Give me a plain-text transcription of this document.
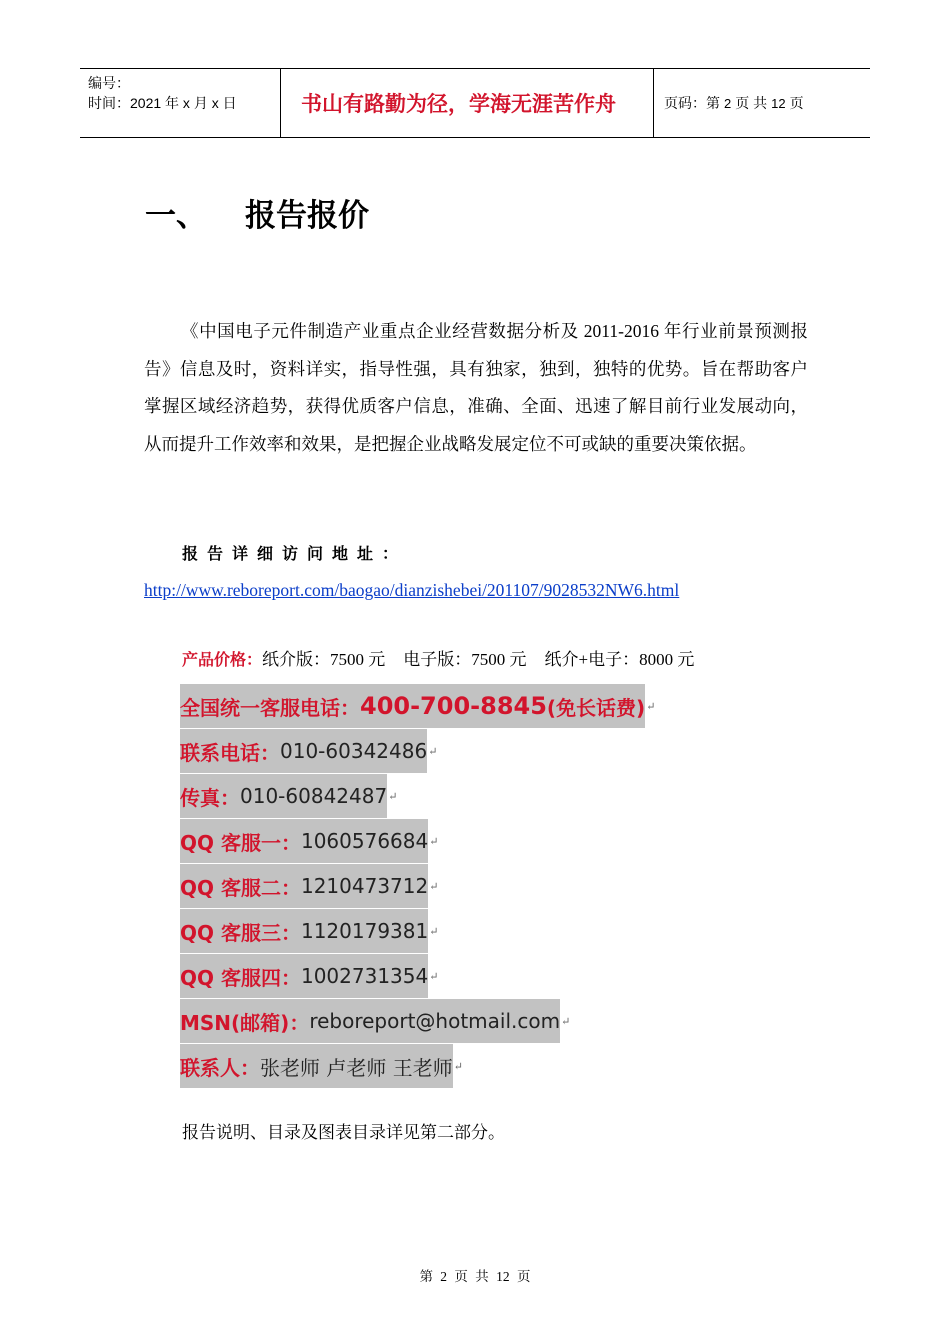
编号：
时间：2021 年 x 月 x 日	书山有路勤为径，学海无涯苦作舟	页码：第 2 页 共 12 页
一、 报告报价
《中国电子元件制造产业重点企业经营数据分析及 2011-2016 年行业前景预测报告》信息及时，资料详实，指导性强，具有独家，独到，独特的优势。旨在帮助客户掌握区域经济趋势，获得优质客户信息，准确、全面、迅速了解目前行业发展动向，从而提升工作效率和效果，是把握企业战略发展定位不可或缺的重要决策依据。
报告详细访问地址：http://www.reboreport.com/baogao/dianzishebei/201107/9028532NW6.html
产品价格：纸介版：7500 元 电子版：7500 元 纸介+电子：8000 元
全国统一客服电话： 400-700-8845 (免长话费) ↵
联系电话： 010-60342486 ↵
传真： 010-60842487 ↵
QQ 客服一： 1060576684 ↵
QQ 客服二： 1210473712 ↵
QQ 客服三： 1120179381 ↵
QQ 客服四： 1002731354 ↵
MSN(邮箱)： reboreport@hotmail.com ↵
联系人： 张老师 卢老师 王老师 ↵
报告说明、目录及图表目录详见第二部分。
第 2 页 共 12 页
